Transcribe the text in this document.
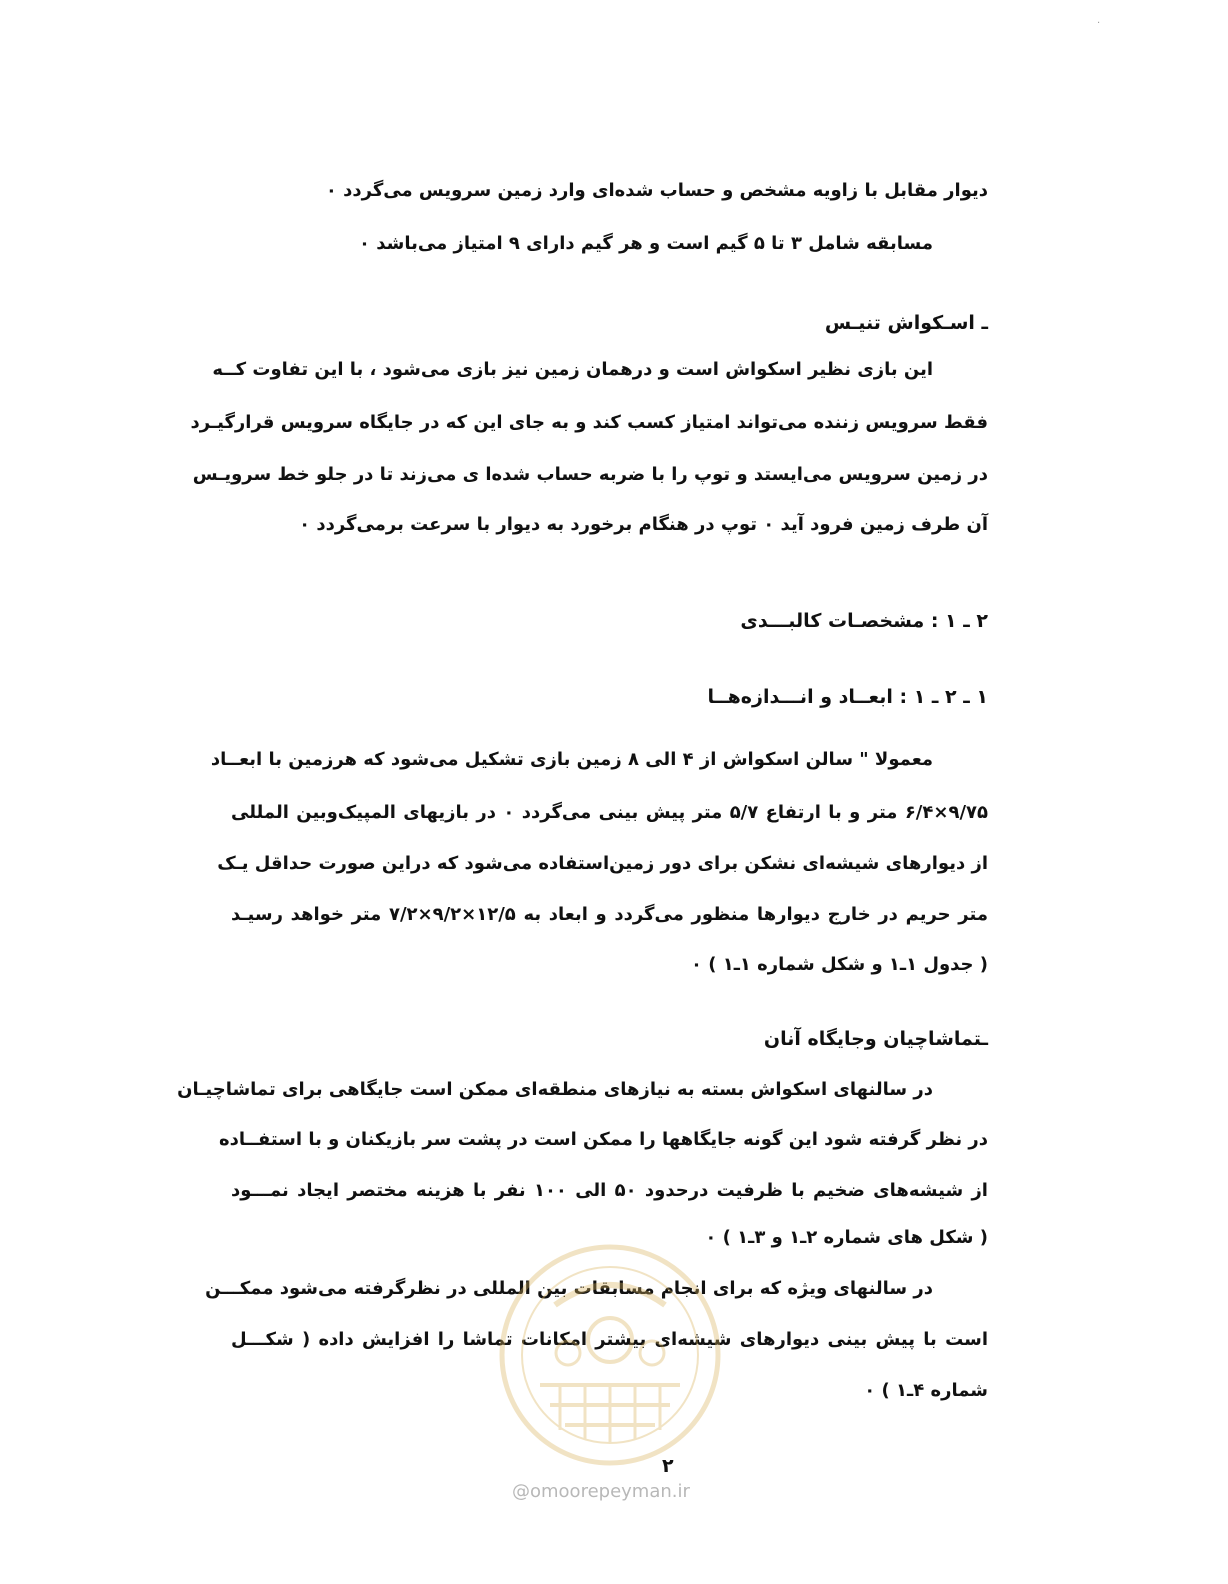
·
دیوار مقابل با زاویه مشخص و حساب شده‌ای وارد زمین سرویس می‌گردد ٠
مسابقه شامل ۳ تا ۵ گیم است و هر گیم دارای ۹ امتیاز می‌باشد ٠
ـ اسـکواش تنیـس
این بازی نظیر اسکواش است و درهمان زمین نیز بازی می‌شود ، با این تفاوت کــه
فقط سرویس زننده می‌تواند امتیاز کسب کند و به جای این که در جایگاه سرویس قرارگیـرد
در زمین سرویس می‌ایستد و توپ را با ضربه حساب شده‌ا ی می‌زند تا در جلو خط سرویـس
آن طرف زمین فرود آید ٠ توپ در هنگام برخورد به دیوار با سرعت برمی‌گردد ٠
۲ ـ ۱ : مشخصـات کالبـــدی
۱ ـ ۲ ـ ۱ : ابعــاد و انـــدازه‌هــا
معمولا " سالن اسکواش از ۴ الی ۸ زمین بازی تشکیل می‌شود که هرزمین با ابعــاد
۹/۷۵×۶/۴ متر و با ارتفاع ۵/۷ متر پیش بینی می‌گردد ٠ در بازیهای المپیک‌وبین المللی
از دیوارهای شیشه‌ای نشکن برای دور زمین‌استفاده می‌شود که دراین صورت حداقل یـک
متر حریم در خارج دیوارها منظور می‌گردد و ابعاد به ۱۲/۵×۹/۲×۷/۲ متر خواهد رسیـد
( جدول ۱ـ۱ و شکل شماره ۱ـ۱ ) ٠
ـتماشاچیان وجایگاه آنان
در سالنهای اسکواش بسته به نیازهای منطقه‌ای ممکن است جایگاهی برای تماشاچیـان
در نظر گرفته شود این گونه جایگاهها را ممکن است در پشت سر بازیکنان و با استفــاده
از شیشه‌های ضخیم با ظرفیت درحدود ۵۰ الی ۱۰۰ نفر با هزینه مختصر ایجاد نمـــود
( شکل های شماره ۲ـ۱ و ۳ـ۱ ) ٠
در سالنهای ویژه که برای انجام مسابقات بین المللی در نظرگرفته می‌شود ممکـــن
است با پیش بینی دیوارهای شیشه‌ای بیشتر امکانات تماشا را افزایش داده ( شکـــل
شماره ۴ـ۱ ) ٠
۲
@omoorepeyman.ir
